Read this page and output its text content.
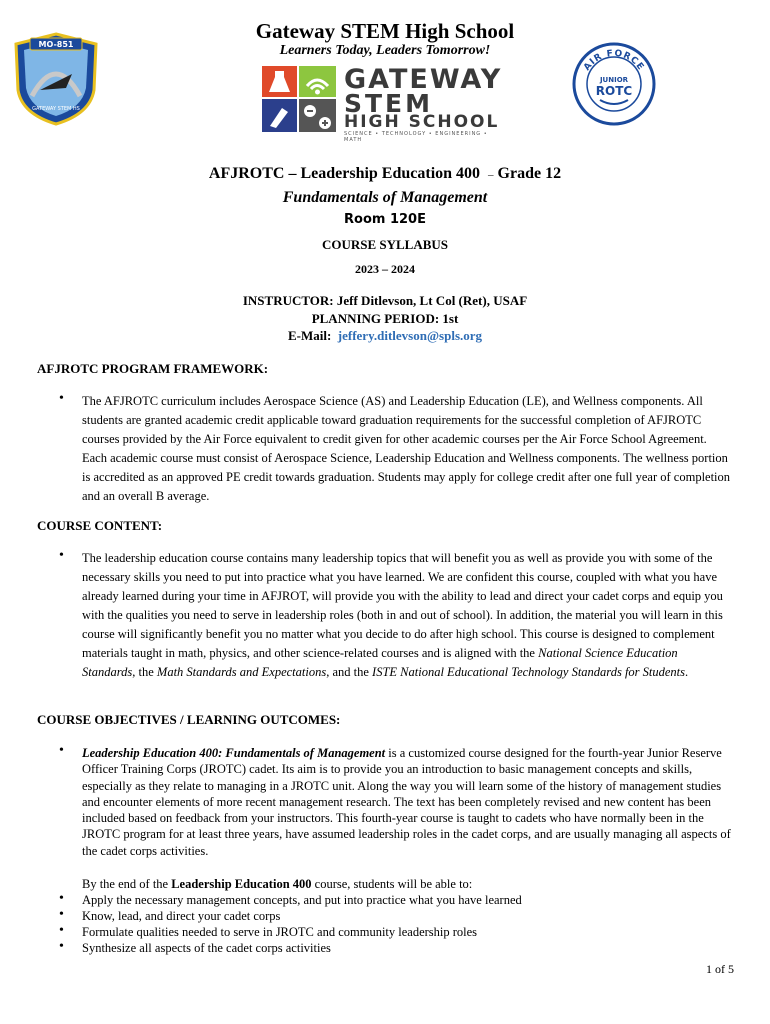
MO-851
GATEWAY STEM HS
Gateway STEM High School
Learners Today, Leaders Tomorrow!
GATEWAY
STEM
HIGH SCHOOL
SCIENCE • TECHNOLOGY • ENGINEERING • MATH
AIR FORCE
JUNIOR
ROTC
AFJROTC – Leadership Education 400 – Grade 12
Fundamentals of Management
Room 120E
COURSE SYLLABUS
2023 – 2024
INSTRUCTOR: Jeff Ditlevson, Lt Col (Ret), USAF
PLANNING PERIOD: 1st
E-Mail: jeffery.ditlevson@spls.org
AFJROTC PROGRAM FRAMEWORK:
• The AFJROTC curriculum includes Aerospace Science (AS) and Leadership Education (LE), and Wellness components. All students are granted academic credit applicable toward graduation requirements for the successful completion of AFJROTC courses provided by the Air Force equivalent to credit given for other academic courses per the Air Force School Agreement. Each academic course must consist of Aerospace Science, Leadership Education and Wellness components. The wellness portion is accredited as an approved PE credit towards graduation. Students may apply for college credit after one full year of completion and an overall B average.

COURSE CONTENT:
• The leadership education course contains many leadership topics that will benefit you as well as provide you with some of the necessary skills you need to put into practice what you have learned. We are confident this course, coupled with what you have already learned during your time in AFJROT, will provide you with the ability to lead and direct your cadet corps and equip you with the qualities you need to serve in leadership roles (both in and out of school). In addition, the material you will learn in this course will significantly benefit you no matter what you decide to do after high school. This course is designed to complement materials taught in math, physics, and other science-related courses and is aligned with the National Science Education Standards, the Math Standards and Expectations, and the ISTE National Educational Technology Standards for Students.

COURSE OBJECTIVES / LEARNING OUTCOMES:
• Leadership Education 400: Fundamentals of Management is a customized course designed for the fourth-year Junior Reserve Officer Training Corps (JROTC) cadet. Its aim is to provide you an introduction to basic management concepts and skills, especially as they relate to managing in a JROTC unit. Along the way you will learn some of the history of management studies and encounter elements of more recent management research. The text has been completely revised and new content has been included based on feedback from your instructors. This fourth-year course is taught to cadets who have normally been in the JROTC program for at least three years, have assumed leadership roles in the cadet corps, and are usually managing all aspects of the cadet corps activities.

By the end of the Leadership Education 400 course, students will be able to:
• Apply the necessary management concepts, and put into practice what you have learned
• Know, lead, and direct your cadet corps
• Formulate qualities needed to serve in JROTC and community leadership roles
• Synthesize all aspects of the cadet corps activities
1 of 5
